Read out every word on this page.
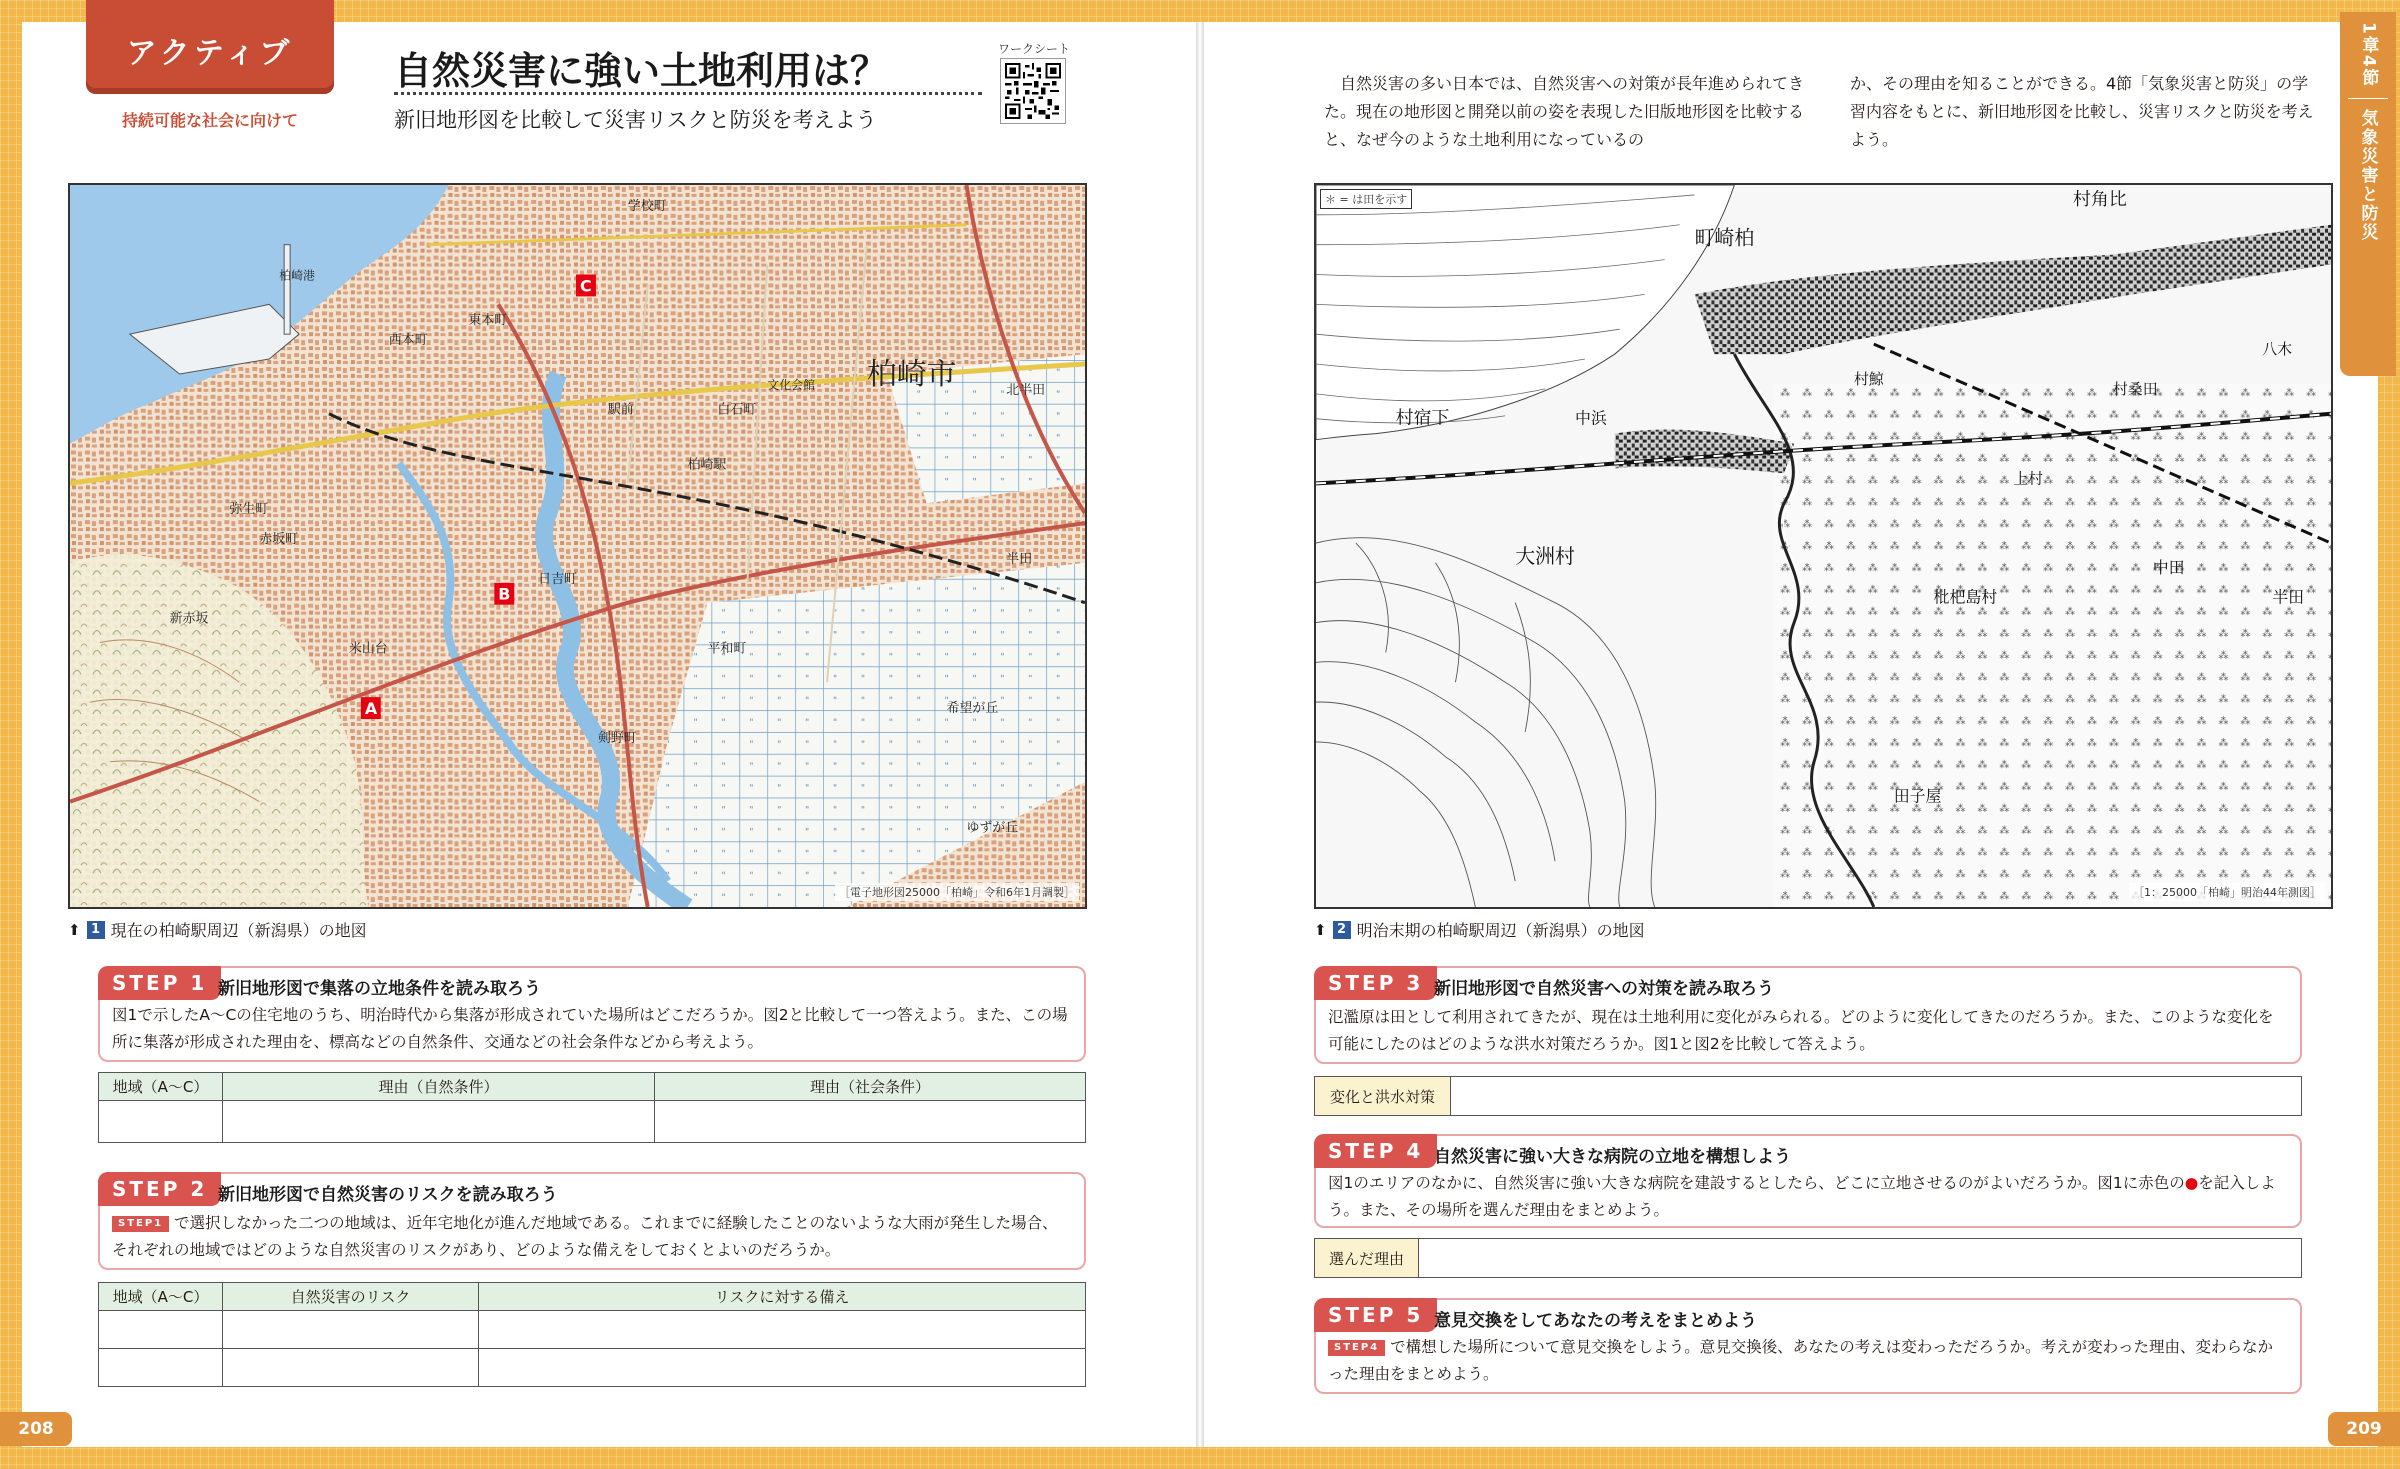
アクティブ
持続可能な社会に向けて
自然災害に強い土地利用は？
新旧地形図を比較して災害リスクと防災を考えよう
ワークシート
自然災害の多い日本では、自然災害への対策が長年進められてきた。現在の地形図と開発以前の姿を表現した旧版地形図を比較すると、なぜ今のような土地利用になっているの
か、その理由を知ることができる。4節「気象災害と防災」の学習内容をもとに、新旧地形図を比較し、災害リスクと防災を考えよう。
1章4節
気象災害と防災
柏崎市
柏崎港
学校町
駅前	白石町
文化会館
柏崎駅
北半田
半田
西本町
東本町
弥生町
赤坂町
米山台
剣野町
日吉町
ゆずが丘
希望が丘
平和町
新赤坂
C
B
A
［電子地形図25000「柏崎」令和6年1月調製］
⬆ 1 現在の柏崎駅周辺（新潟県）の地図
町崎柏
村角比
村鯨
村桑田
中田
半田
八木
大洲村
村宿下
田子屋
枇杷島村
上村
中浜
＊ = は田を示す
［1：25000「柏崎」明治44年測図］
⬆ 2 明治末期の柏崎駅周辺（新潟県）の地図
STEP 1 新旧地形図で集落の立地条件を読み取ろう
図1で示したA～Cの住宅地のうち、明治時代から集落が形成されていた場所はどこだろうか。図2と比較して一つ答えよう。また、この場所に集落が形成された理由を、標高などの自然条件、交通などの社会条件などから考えよう。
地域（A～C）	理由（自然条件）	理由（社会条件）

STEP 2 新旧地形図で自然災害のリスクを読み取ろう
STEP1 で選択しなかった二つの地域は、近年宅地化が進んだ地域である。これまでに経験したことのないような大雨が発生した場合、それぞれの地域ではどのような自然災害のリスクがあり、どのような備えをしておくとよいのだろうか。
地域（A～C）	自然災害のリスク	リスクに対する備え

STEP 3 新旧地形図で自然災害への対策を読み取ろう
氾濫原は田として利用されてきたが、現在は土地利用に変化がみられる。どのように変化してきたのだろうか。また、このような変化を可能にしたのはどのような洪水対策だろうか。図1と図2を比較して答えよう。
変化と洪水対策
STEP 4 自然災害に強い大きな病院の立地を構想しよう
図1のエリアのなかに、自然災害に強い大きな病院を建設するとしたら、どこに立地させるのがよいだろうか。図1に赤色の●を記入しよう。また、その場所を選んだ理由をまとめよう。
選んだ理由
STEP 5 意見交換をしてあなたの考えをまとめよう
STEP4 で構想した場所について意見交換をしよう。意見交換後、あなたの考えは変わっただろうか。考えが変わった理由、変わらなかった理由をまとめよう。
208	209
